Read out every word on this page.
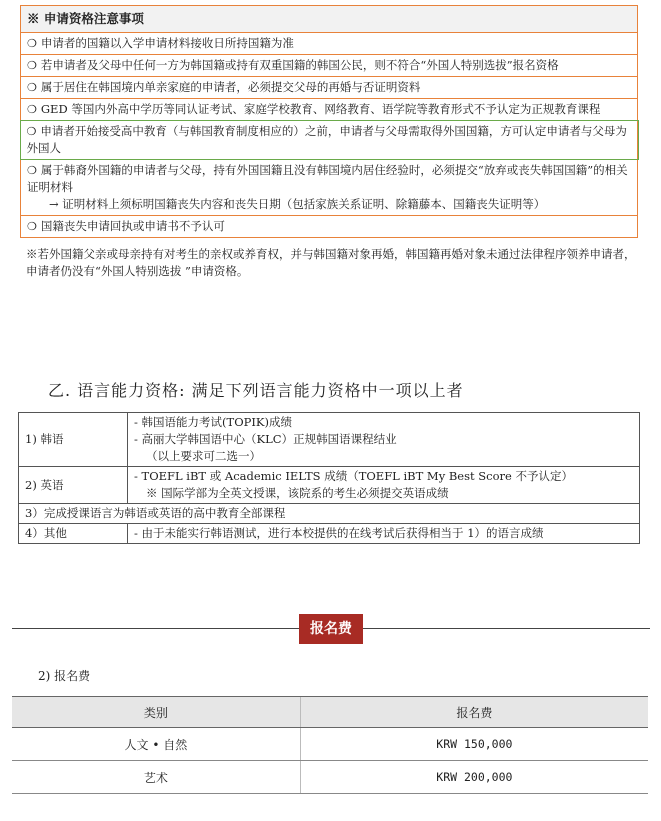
※ 申请资格注意事项
❍ 申请者的国籍以入学申请材料接收日所持国籍为准
❍ 若申请者及父母中任何一方为韩国籍或持有双重国籍的韩国公民，则不符合“外国人特别选拔”报名资格
❍ 属于居住在韩国境内单亲家庭的申请者，必须提交父母的再婚与否证明资料
❍ GED 等国内外高中学历等同认证考试、家庭学校教育、网络教育、语学院等教育形式不予认定为正规教育课程
❍ 申请者开始接受高中教育（与韩国教育制度相应的）之前，申请者与父母需取得外国国籍，方可认定申请者与父母为外国人
❍ 属于韩裔外国籍的申请者与父母，持有外国国籍且没有韩国境内居住经验时，必须提交“放弃或丧失韩国国籍”的相关证明材料
→ 证明材料上须标明国籍丧失内容和丧失日期（包括家族关系证明、除籍藤本、国籍丧失证明等）
❍ 国籍丧失申请回执或申请书不予认可
※若外国籍父亲或母亲持有对考生的亲权或养育权，并与韩国籍对象再婚，韩国籍再婚对象未通过法律程序领养申请者，申请者仍没有“外国人特别选拔 ”申请资格。
乙. 语言能力资格: 满足下列语言能力资格中一项以上者
1) 韩语	- 韩国语能力考试(TOPIK)成绩
- 高丽大学韩国语中心（KLC）正规韩国语课程结业
（以上要求可二选一）

2) 英语	- TOEFL iBT 或 Academic IELTS 成绩（TOEFL iBT My Best Score 不予认定）
※ 国际学部为全英文授课，该院系的考生必须提交英语成绩

3）完成授课语言为韩语或英语的高中教育全部课程	
4）其他	- 由于未能实行韩语测试，进行本校提供的在线考试后获得相当于 1）的语言成绩
报名费
2) 报名费
类别	报名费
人文 • 自然	KRW 150,000
艺术	KRW 200,000
